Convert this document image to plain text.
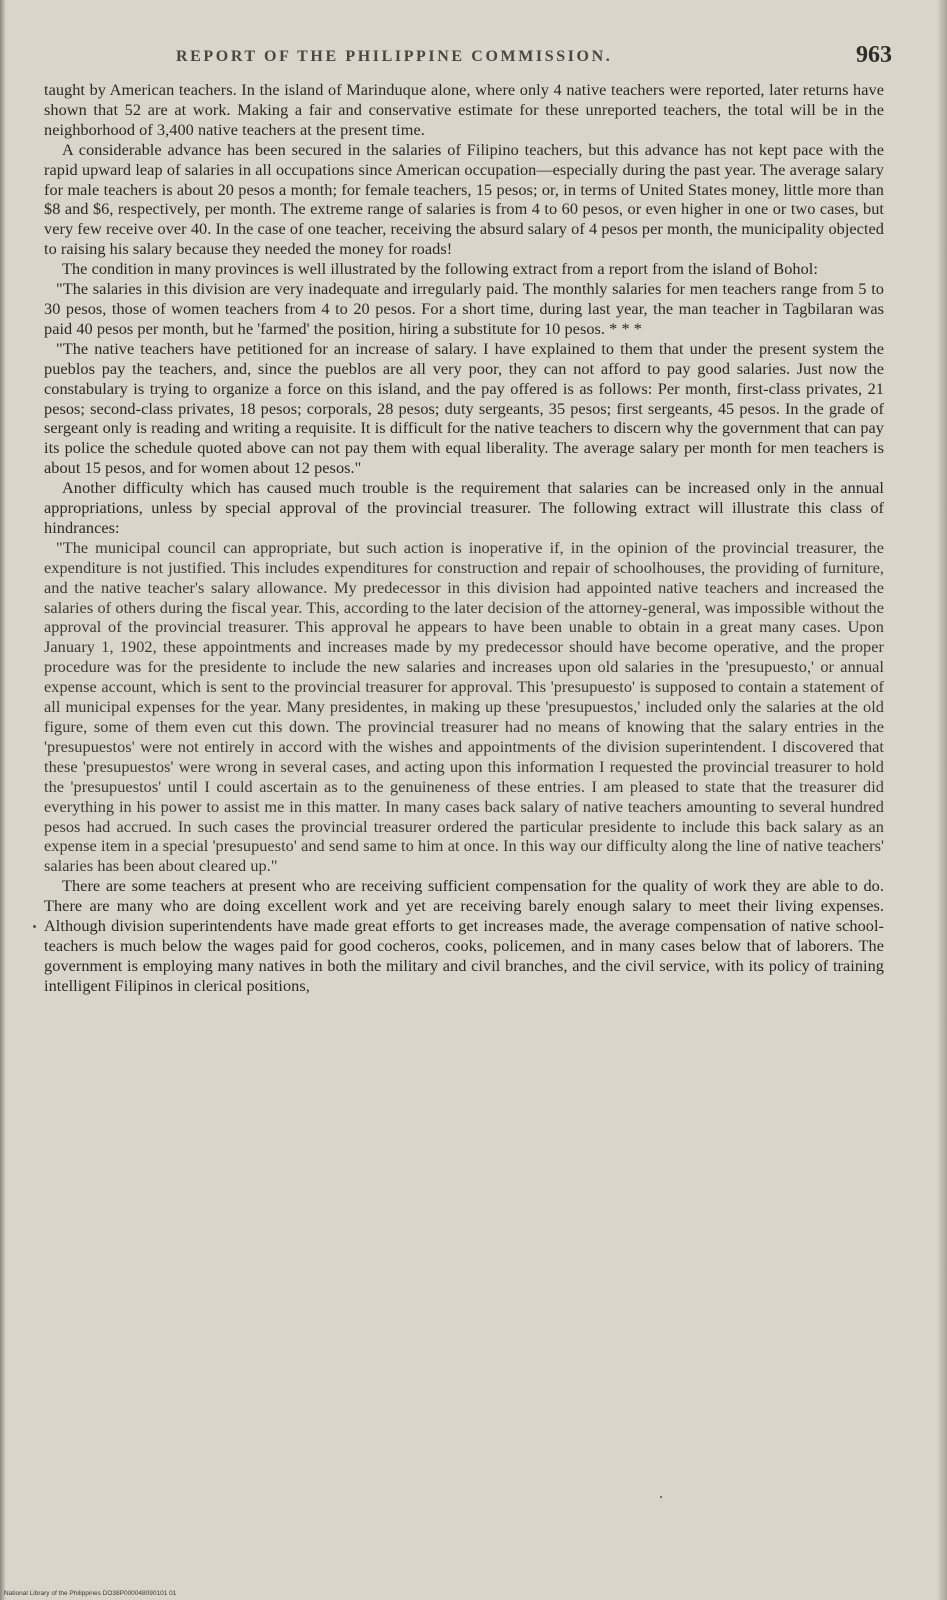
REPORT OF THE PHILIPPINE COMMISSION.	963

taught by American teachers. In the island of Marinduque alone, where only 4 native teachers were reported, later returns have shown that 52 are at work. Making a fair and conservative estimate for these unreported teachers, the total will be in the neighborhood of 3,400 native teachers at the present time.

A considerable advance has been secured in the salaries of Filipino teachers, but this advance has not kept pace with the rapid upward leap of salaries in all occupations since American occupation—especially during the past year. The average salary for male teachers is about 20 pesos a month; for female teachers, 15 pesos; or, in terms of United States money, little more than $8 and $6, respectively, per month. The extreme range of salaries is from 4 to 60 pesos, or even higher in one or two cases, but very few receive over 40. In the case of one teacher, receiving the absurd salary of 4 pesos per month, the municipality objected to raising his salary because they needed the money for roads!

The condition in many provinces is well illustrated by the following extract from a report from the island of Bohol:

"The salaries in this division are very inadequate and irregularly paid. The monthly salaries for men teachers range from 5 to 30 pesos, those of women teachers from 4 to 20 pesos. For a short time, during last year, the man teacher in Tagbilaran was paid 40 pesos per month, but he 'farmed' the position, hiring a substitute for 10 pesos. * * *

"The native teachers have petitioned for an increase of salary. I have explained to them that under the present system the pueblos pay the teachers, and, since the pueblos are all very poor, they can not afford to pay good salaries. Just now the constabulary is trying to organize a force on this island, and the pay offered is as follows: Per month, first-class privates, 21 pesos; second-class privates, 18 pesos; corporals, 28 pesos; duty sergeants, 35 pesos; first sergeants, 45 pesos. In the grade of sergeant only is reading and writing a requisite. It is difficult for the native teachers to discern why the government that can pay its police the schedule quoted above can not pay them with equal liberality. The average salary per month for men teachers is about 15 pesos, and for women about 12 pesos."

Another difficulty which has caused much trouble is the requirement that salaries can be increased only in the annual appropriations, unless by special approval of the provincial treasurer. The following extract will illustrate this class of hindrances:

"The municipal council can appropriate, but such action is inoperative if, in the opinion of the provincial treasurer, the expenditure is not justified. This includes expenditures for construction and repair of schoolhouses, the providing of furniture, and the native teacher's salary allowance. My predecessor in this division had appointed native teachers and increased the salaries of others during the fiscal year. This, according to the later decision of the attorney-general, was impossible without the approval of the provincial treasurer. This approval he appears to have been unable to obtain in a great many cases. Upon January 1, 1902, these appointments and increases made by my predecessor should have become operative, and the proper procedure was for the presidente to include the new salaries and increases upon old salaries in the 'presupuesto,' or annual expense account, which is sent to the provincial treasurer for approval. This 'presupuesto' is supposed to contain a statement of all municipal expenses for the year. Many presidentes, in making up these 'presupuestos,' included only the salaries at the old figure, some of them even cut this down. The provincial treasurer had no means of knowing that the salary entries in the 'presupuestos' were not entirely in accord with the wishes and appointments of the division superintendent. I discovered that these 'presupuestos' were wrong in several cases, and acting upon this information I requested the provincial treasurer to hold the 'presupuestos' until I could ascertain as to the genuineness of these entries. I am pleased to state that the treasurer did everything in his power to assist me in this matter. In many cases back salary of native teachers amounting to several hundred pesos had accrued. In such cases the provincial treasurer ordered the particular presidente to include this back salary as an expense item in a special 'presupuesto' and send same to him at once. In this way our difficulty along the line of native teachers' salaries has been about cleared up."

There are some teachers at present who are receiving sufficient compensation for the quality of work they are able to do. There are many who are doing excellent work and yet are receiving barely enough salary to meet their living expenses. Although division superintendents have made great efforts to get increases made, the average compensation of native school-teachers is much below the wages paid for good cocheros, cooks, policemen, and in many cases below that of laborers. The government is employing many natives in both the military and civil branches, and the civil service, with its policy of training intelligent Filipinos in clerical positions,

National Library of the Philippines DO38P000048090101 01
